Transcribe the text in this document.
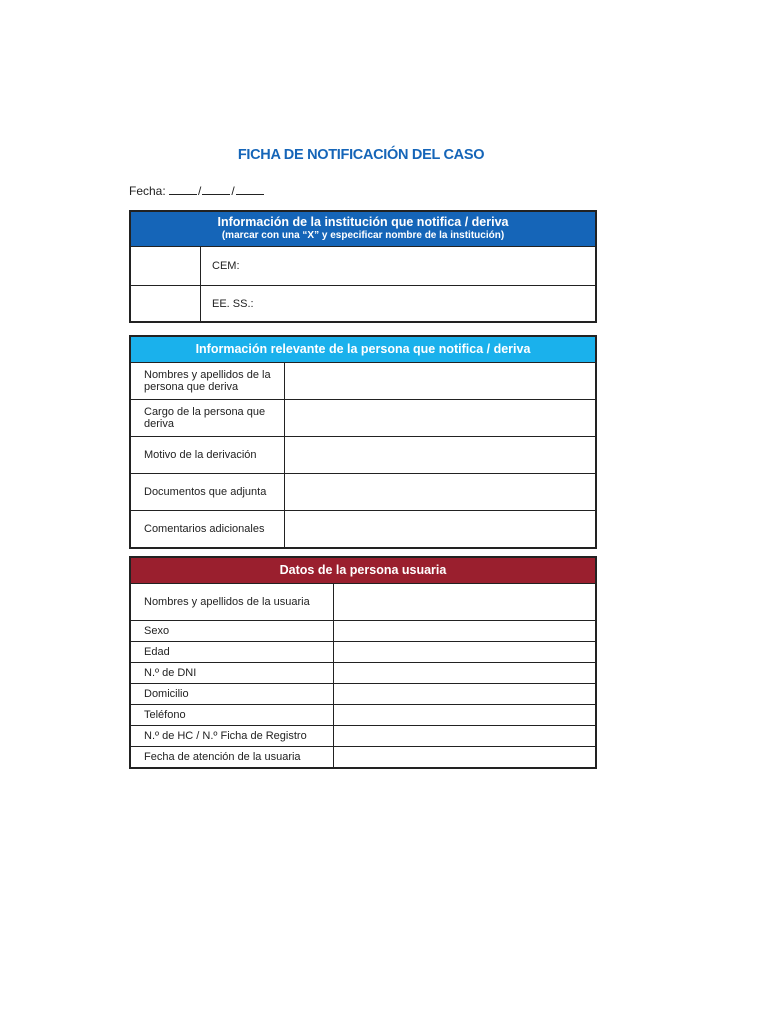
FICHA DE NOTIFICACIÓN DEL CASO
Fecha:	/	/
Información de la institución que notifica / deriva
(marcar con una “X” y especificar nombre de la institución)
CEM:
EE. SS.:
Información relevante de la persona que notifica / deriva
Nombres y apellidos de la persona que deriva
Cargo de la persona que deriva
Motivo de la derivación
Documentos que adjunta
Comentarios adicionales
Datos de la persona usuaria
Nombres y apellidos de la usuaria
Sexo
Edad
N.º de DNI
Domicilio
Teléfono
N.º de HC / N.º Ficha de Registro
Fecha de atención de la usuaria
